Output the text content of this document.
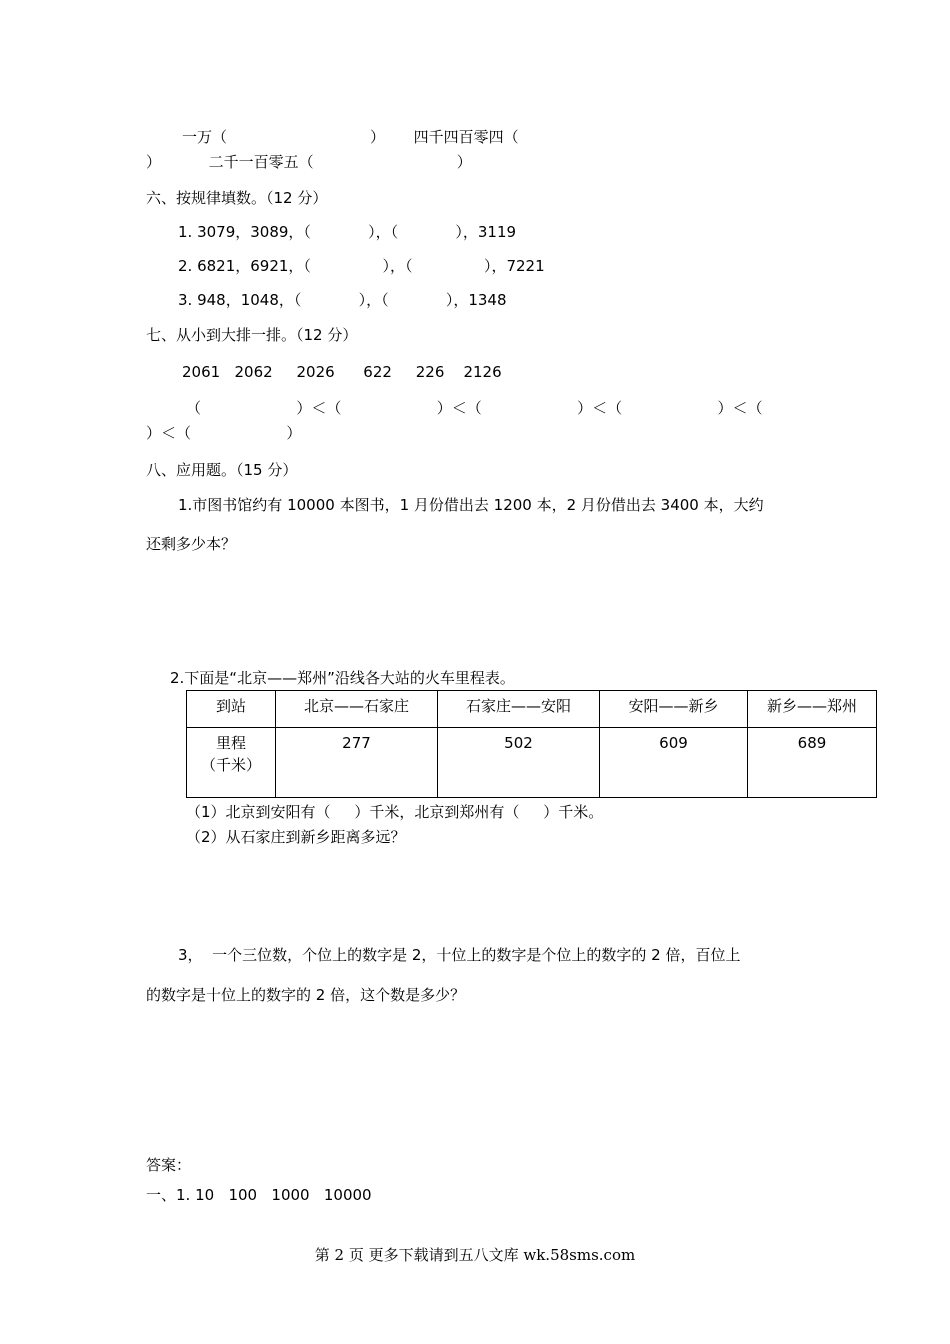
一万（                              ）      四千四百零四（
）          二千一百零五（                              ）
六、按规律填数。（12 分）
1. 3079，3089，（            ），（            ），3119
2. 6821，6921，（               ），（               ），7221
3. 948，1048，（            ），（            ），1348
七、从小到大排一排。（12 分）
2061   2062     2026      622     226    2126
（                    ）＜（                    ）＜（                    ）＜（                    ）＜（
）＜（                    ）
八、应用题。（15 分）
1.市图书馆约有 10000 本图书，1 月份借出去 1200 本，2 月份借出去 3400 本，大约
还剩多少本？
2.下面是“北京——郑州”沿线各大站的火车里程表。
到站	北京——石家庄	石家庄——安阳	安阳——新乡	新乡——郑州

里程
（千米）	277	502	609	689
（1）北京到安阳有（     ）千米，北京到郑州有（     ）千米。
（2）从石家庄到新乡距离多远？
3，  一个三位数，个位上的数字是 2，十位上的数字是个位上的数字的 2 倍，百位上
的数字是十位上的数字的 2 倍，这个数是多少？
答案：
一、1. 10   100   1000   10000
第 2 页 更多下载请到五八文库 wk.58sms.com
